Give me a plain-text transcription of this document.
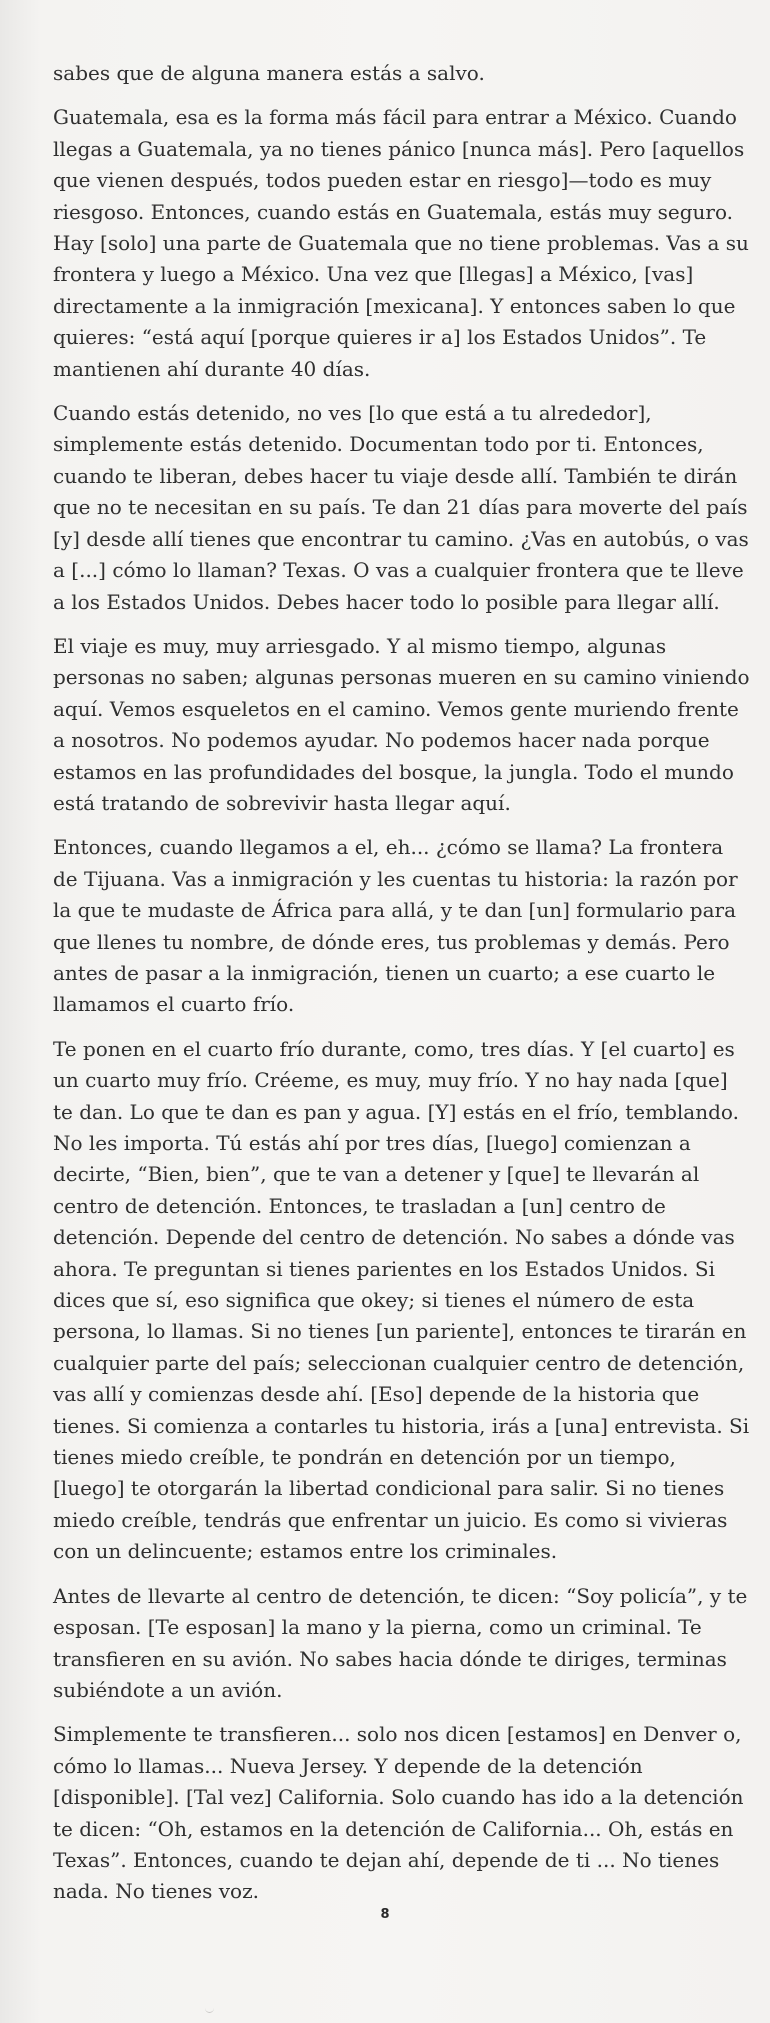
sabes que de alguna manera estás a salvo.

Guatemala, esa es la forma más fácil para entrar a México. Cuando llegas a Guatemala, ya no tienes pánico [nunca más]. Pero [aquellos que vienen después, todos pueden estar en riesgo]—todo es muy riesgoso. Entonces, cuando estás en Guatemala, estás muy seguro. Hay [solo] una parte de Guatemala que no tiene problemas. Vas a su frontera y luego a México. Una vez que [llegas] a México, [vas] directamente a la inmigración [mexicana]. Y entonces saben lo que quieres: “está aquí [porque quieres ir a] los Estados Unidos”. Te mantienen ahí durante 40 días.

Cuando estás detenido, no ves [lo que está a tu alrededor], simplemente estás detenido. Documentan todo por ti. Entonces, cuando te liberan, debes hacer tu viaje desde allí. También te dirán que no te necesitan en su país. Te dan 21 días para moverte del país [y] desde allí tienes que encontrar tu camino. ¿Vas en autobús, o vas a [...] cómo lo llaman? Texas. O vas a cualquier frontera que te lleve a los Estados Unidos. Debes hacer todo lo posible para llegar allí.

El viaje es muy, muy arriesgado. Y al mismo tiempo, algunas personas no saben; algunas personas mueren en su camino viniendo aquí. Vemos esqueletos en el camino. Vemos gente muriendo frente a nosotros. No podemos ayudar. No podemos hacer nada porque estamos en las profundidades del bosque, la jungla. Todo el mundo está tratando de sobrevivir hasta llegar aquí.

Entonces, cuando llegamos a el, eh... ¿cómo se llama? La frontera de Tijuana. Vas a inmigración y les cuentas tu historia: la razón por la que te mudaste de África para allá, y te dan [un] formulario para que llenes tu nombre, de dónde eres, tus problemas y demás. Pero antes de pasar a la inmigración, tienen un cuarto; a ese cuarto le llamamos el cuarto frío.

Te ponen en el cuarto frío durante, como, tres días. Y [el cuarto] es un cuarto muy frío. Créeme, es muy, muy frío. Y no hay nada [que] te dan. Lo que te dan es pan y agua. [Y] estás en el frío, temblando. No les importa. Tú estás ahí por tres días, [luego] comienzan a decirte, “Bien, bien”, que te van a detener y [que] te llevarán al centro de detención. Entonces, te trasladan a [un] centro de detención. Depende del centro de detención. No sabes a dónde vas ahora. Te preguntan si tienes parientes en los Estados Unidos. Si dices que sí, eso significa que okey; si tienes el número de esta persona, lo llamas. Si no tienes [un pariente], entonces te tirarán en cualquier parte del país; seleccionan cualquier centro de detención, vas allí y comienzas desde ahí. [Eso] depende de la historia que tienes. Si comienza a contarles tu historia, irás a [una] entrevista. Si tienes miedo creíble, te pondrán en detención por un tiempo, [luego] te otorgarán la libertad condicional para salir. Si no tienes miedo creíble, tendrás que enfrentar un juicio. Es como si vivieras con un delincuente; estamos entre los criminales.

Antes de llevarte al centro de detención, te dicen: “Soy policía”, y te esposan. [Te esposan] la mano y la pierna, como un criminal. Te transfieren en su avión. No sabes hacia dónde te diriges, terminas subiéndote a un avión.

Simplemente te transfieren... solo nos dicen [estamos] en Denver o, cómo lo llamas... Nueva Jersey. Y depende de la detención [disponible]. [Tal vez] California. Solo cuando has ido a la detención te dicen: “Oh, estamos en la detención de California... Oh, estás en Texas”. Entonces, cuando te dejan ahí, depende de ti ... No tienes nada. No tienes voz.

8
